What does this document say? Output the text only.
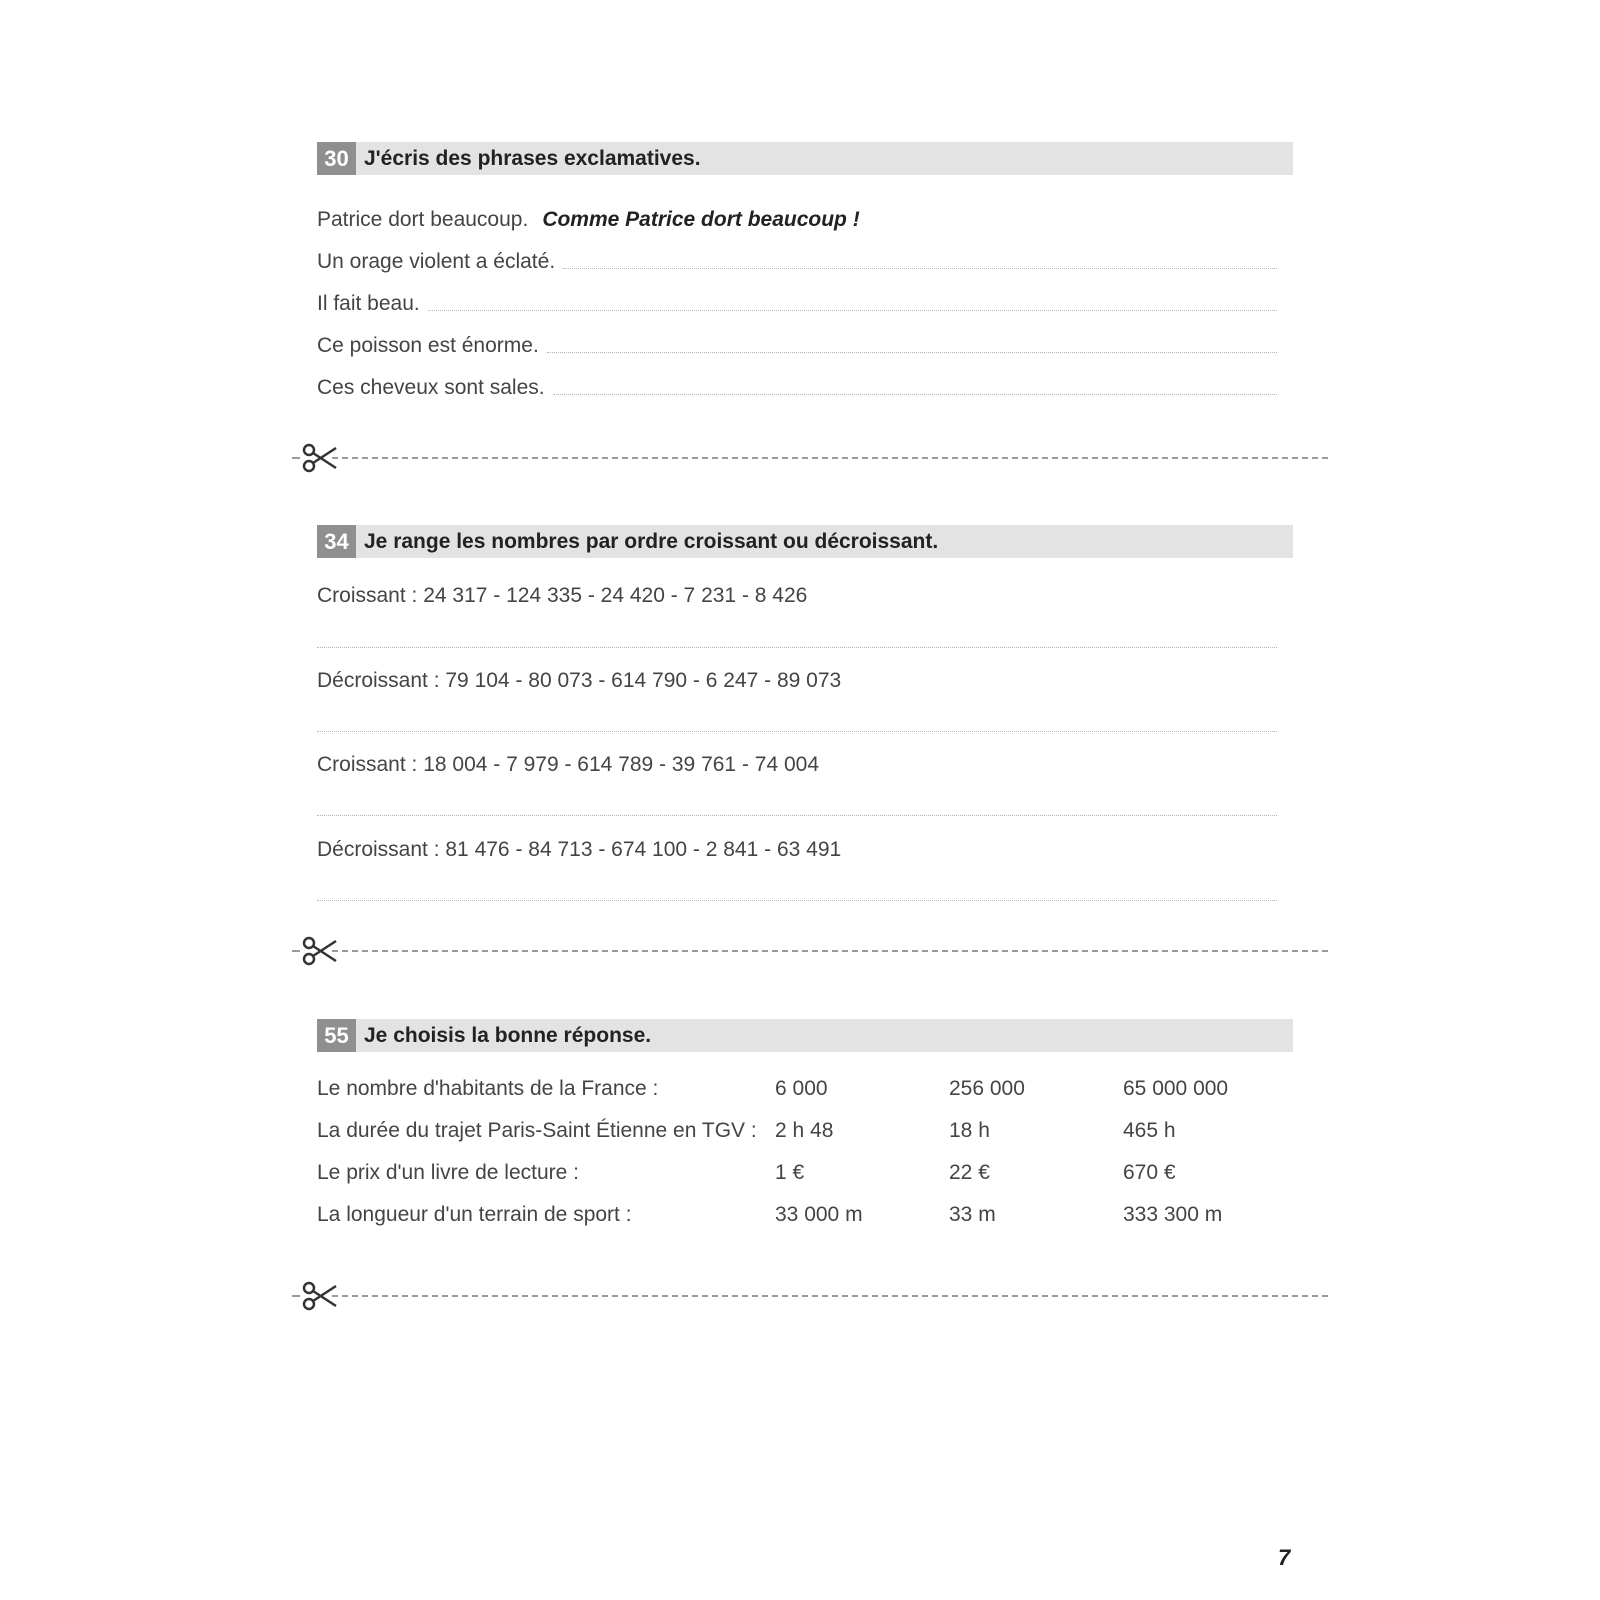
30 J'écris des phrases exclamatives.
Patrice dort beaucoup. Comme Patrice dort beaucoup !
Un orage violent a éclaté.
Il fait beau.
Ce poisson est énorme.
Ces cheveux sont sales.
34 Je range les nombres par ordre croissant ou décroissant.
Croissant : 24 317 - 124 335 - 24 420 - 7 231 - 8 426
Décroissant : 79 104 - 80 073 - 614 790 - 6 247 - 89 073
Croissant : 18 004 - 7 979 - 614 789 - 39 761 - 74 004
Décroissant : 81 476 - 84 713 - 674 100 - 2 841 - 63 491
55 Je choisis la bonne réponse.
Le nombre d'habitants de la France :	6 000	256 000	65 000 000
La durée du trajet Paris-Saint Étienne en TGV : 2 h 48	18 h	465 h
Le prix d'un livre de lecture :	1 €	22 €	670 €
La longueur d'un terrain de sport :	33 000 m	33 m	333 300 m
7
